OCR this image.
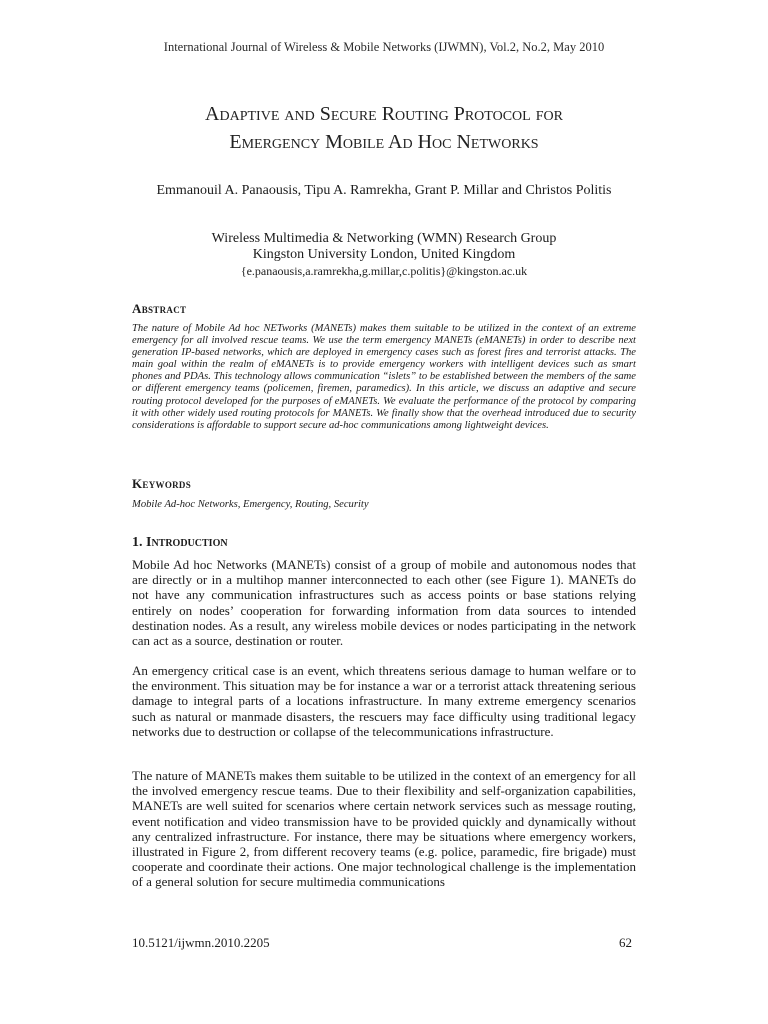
International Journal of Wireless & Mobile Networks (IJWMN), Vol.2, No.2, May 2010
Adaptive and Secure Routing Protocol for
Emergency Mobile Ad Hoc Networks
Emmanouil A. Panaousis, Tipu A. Ramrekha, Grant P. Millar and Christos Politis
Wireless Multimedia & Networking (WMN) Research Group
Kingston University London, United Kingdom
{e.panaousis,a.ramrekha,g.millar,c.politis}@kingston.ac.uk
Abstract
The nature of Mobile Ad hoc NETworks (MANETs) makes them suitable to be utilized in the context of an extreme emergency for all involved rescue teams. We use the term emergency MANETs (eMANETs) in order to describe next generation IP-based networks, which are deployed in emergency cases such as forest fires and terrorist attacks. The main goal within the realm of eMANETs is to provide emergency workers with intelligent devices such as smart phones and PDAs. This technology allows communication “islets” to be established between the members of the same or different emergency teams (policemen, firemen, paramedics). In this article, we discuss an adaptive and secure routing protocol developed for the purposes of eMANETs. We evaluate the performance of the protocol by comparing it with other widely used routing protocols for MANETs. We finally show that the overhead introduced due to security considerations is affordable to support secure ad-hoc communications among lightweight devices.
Keywords
Mobile Ad-hoc Networks, Emergency, Routing, Security
1. Introduction
Mobile Ad hoc Networks (MANETs) consist of a group of mobile and autonomous nodes that are directly or in a multihop manner interconnected to each other (see Figure 1). MANETs do not have any communication infrastructures such as access points or base stations relying entirely on nodes’ cooperation for forwarding information from data sources to intended destination nodes. As a result, any wireless mobile devices or nodes participating in the network can act as a source, destination or router.
An emergency critical case is an event, which threatens serious damage to human welfare or to the environment. This situation may be for instance a war or a terrorist attack threatening serious damage to integral parts of a locations infrastructure. In many extreme emergency scenarios such as natural or manmade disasters, the rescuers may face difficulty using traditional legacy networks due to destruction or collapse of the telecommunications infrastructure.
The nature of MANETs makes them suitable to be utilized in the context of an emergency for all the involved emergency rescue teams. Due to their flexibility and self-organization capabilities, MANETs are well suited for scenarios where certain network services such as message routing, event notification and video transmission have to be provided quickly and dynamically without any centralized infrastructure. For instance, there may be situations where emergency workers, illustrated in Figure 2, from different recovery teams (e.g. police, paramedic, fire brigade) must cooperate and coordinate their actions. One major technological challenge is the implementation of a general solution for secure multimedia communications
10.5121/ijwmn.2010.2205	62
